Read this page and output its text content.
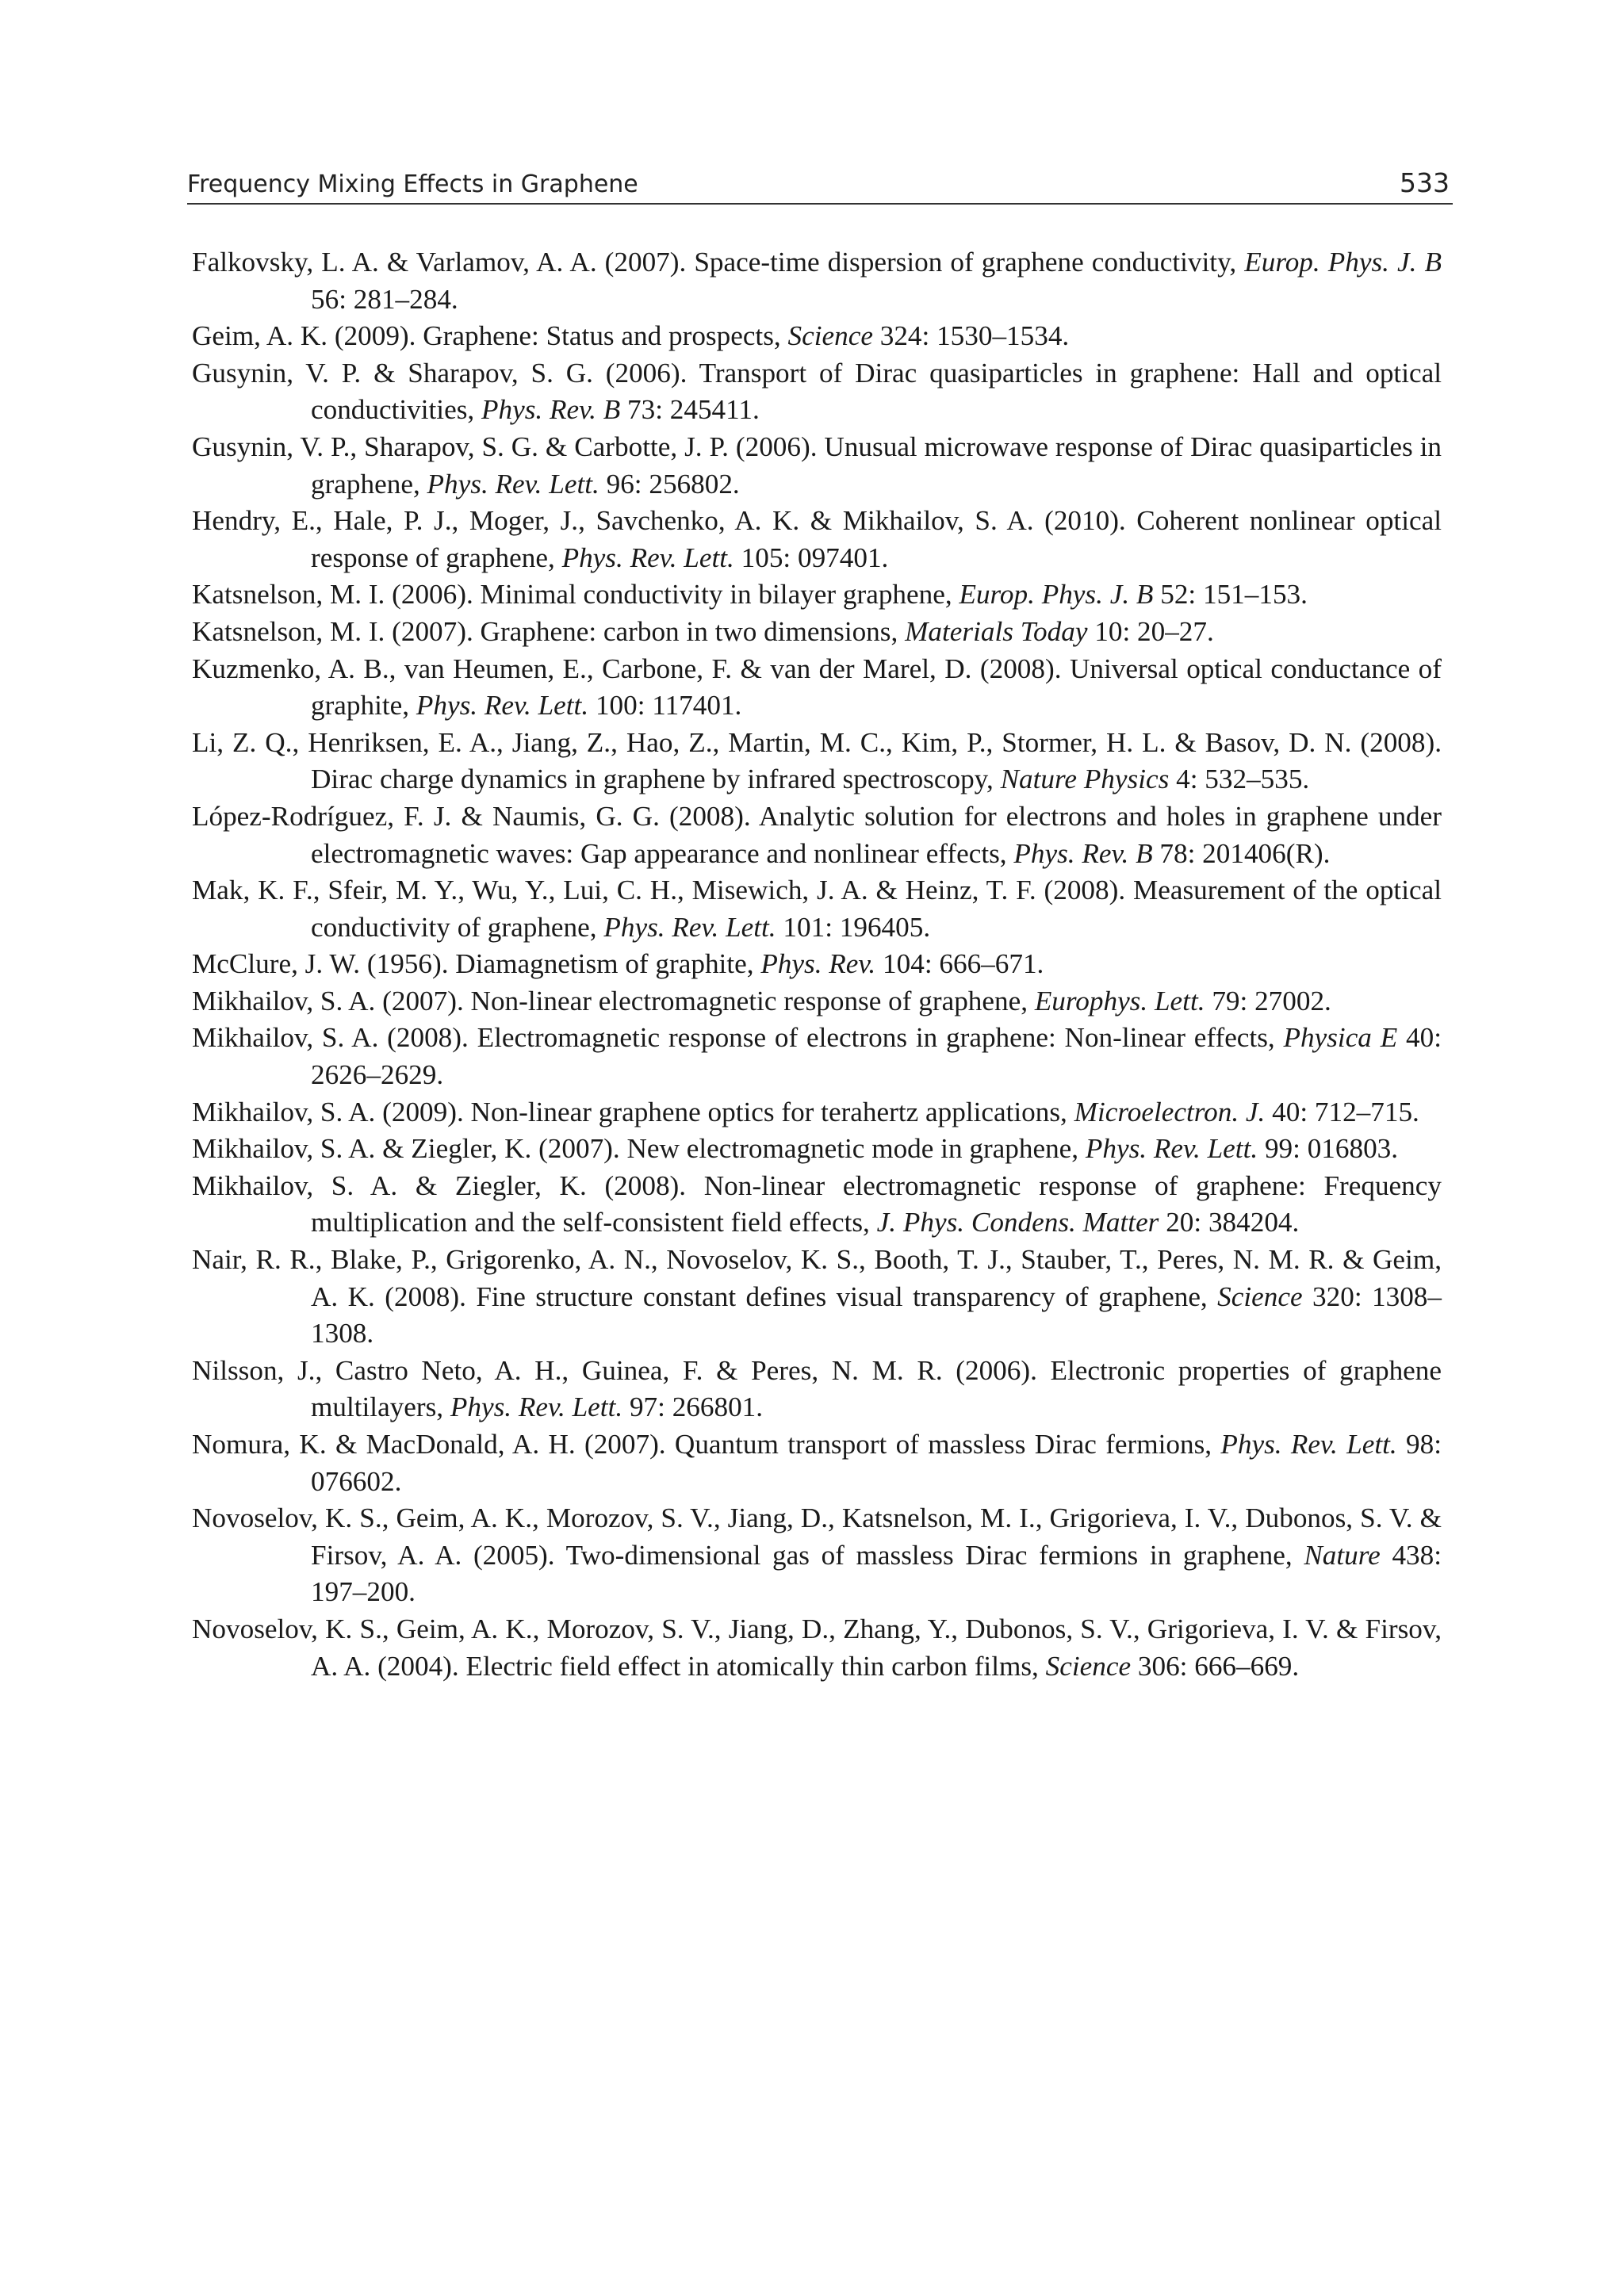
Frequency Mixing Effects in Graphene	533

Falkovsky, L. A. & Varlamov, A. A. (2007). Space-time dispersion of graphene conductivity, Europ. Phys. J. B 56: 281–284.

Geim, A. K. (2009). Graphene: Status and prospects, Science 324: 1530–1534.

Gusynin, V. P. & Sharapov, S. G. (2006). Transport of Dirac quasiparticles in graphene: Hall and optical conductivities, Phys. Rev. B 73: 245411.

Gusynin, V. P., Sharapov, S. G. & Carbotte, J. P. (2006). Unusual microwave response of Dirac quasiparticles in graphene, Phys. Rev. Lett. 96: 256802.

Hendry, E., Hale, P. J., Moger, J., Savchenko, A. K. & Mikhailov, S. A. (2010). Coherent nonlinear optical response of graphene, Phys. Rev. Lett. 105: 097401.

Katsnelson, M. I. (2006). Minimal conductivity in bilayer graphene, Europ. Phys. J. B 52: 151–153.

Katsnelson, M. I. (2007). Graphene: carbon in two dimensions, Materials Today 10: 20–27.

Kuzmenko, A. B., van Heumen, E., Carbone, F. & van der Marel, D. (2008). Universal optical conductance of graphite, Phys. Rev. Lett. 100: 117401.

Li, Z. Q., Henriksen, E. A., Jiang, Z., Hao, Z., Martin, M. C., Kim, P., Stormer, H. L. & Basov, D. N. (2008). Dirac charge dynamics in graphene by infrared spectroscopy, Nature Physics 4: 532–535.

López-Rodríguez, F. J. & Naumis, G. G. (2008). Analytic solution for electrons and holes in graphene under electromagnetic waves: Gap appearance and nonlinear effects, Phys. Rev. B 78: 201406(R).

Mak, K. F., Sfeir, M. Y., Wu, Y., Lui, C. H., Misewich, J. A. & Heinz, T. F. (2008). Measurement of the optical conductivity of graphene, Phys. Rev. Lett. 101: 196405.

McClure, J. W. (1956). Diamagnetism of graphite, Phys. Rev. 104: 666–671.

Mikhailov, S. A. (2007). Non-linear electromagnetic response of graphene, Europhys. Lett. 79: 27002.

Mikhailov, S. A. (2008). Electromagnetic response of electrons in graphene: Non-linear effects, Physica E 40: 2626–2629.

Mikhailov, S. A. (2009). Non-linear graphene optics for terahertz applications, Microelectron. J. 40: 712–715.

Mikhailov, S. A. & Ziegler, K. (2007). New electromagnetic mode in graphene, Phys. Rev. Lett. 99: 016803.

Mikhailov, S. A. & Ziegler, K. (2008). Non-linear electromagnetic response of graphene: Frequency multiplication and the self-consistent field effects, J. Phys. Condens. Matter 20: 384204.

Nair, R. R., Blake, P., Grigorenko, A. N., Novoselov, K. S., Booth, T. J., Stauber, T., Peres, N. M. R. & Geim, A. K. (2008). Fine structure constant defines visual transparency of graphene, Science 320: 1308–1308.

Nilsson, J., Castro Neto, A. H., Guinea, F. & Peres, N. M. R. (2006). Electronic properties of graphene multilayers, Phys. Rev. Lett. 97: 266801.

Nomura, K. & MacDonald, A. H. (2007). Quantum transport of massless Dirac fermions, Phys. Rev. Lett. 98: 076602.

Novoselov, K. S., Geim, A. K., Morozov, S. V., Jiang, D., Katsnelson, M. I., Grigorieva, I. V., Dubonos, S. V. & Firsov, A. A. (2005). Two-dimensional gas of massless Dirac fermions in graphene, Nature 438: 197–200.

Novoselov, K. S., Geim, A. K., Morozov, S. V., Jiang, D., Zhang, Y., Dubonos, S. V., Grigorieva, I. V. & Firsov, A. A. (2004). Electric field effect in atomically thin carbon films, Science 306: 666–669.
